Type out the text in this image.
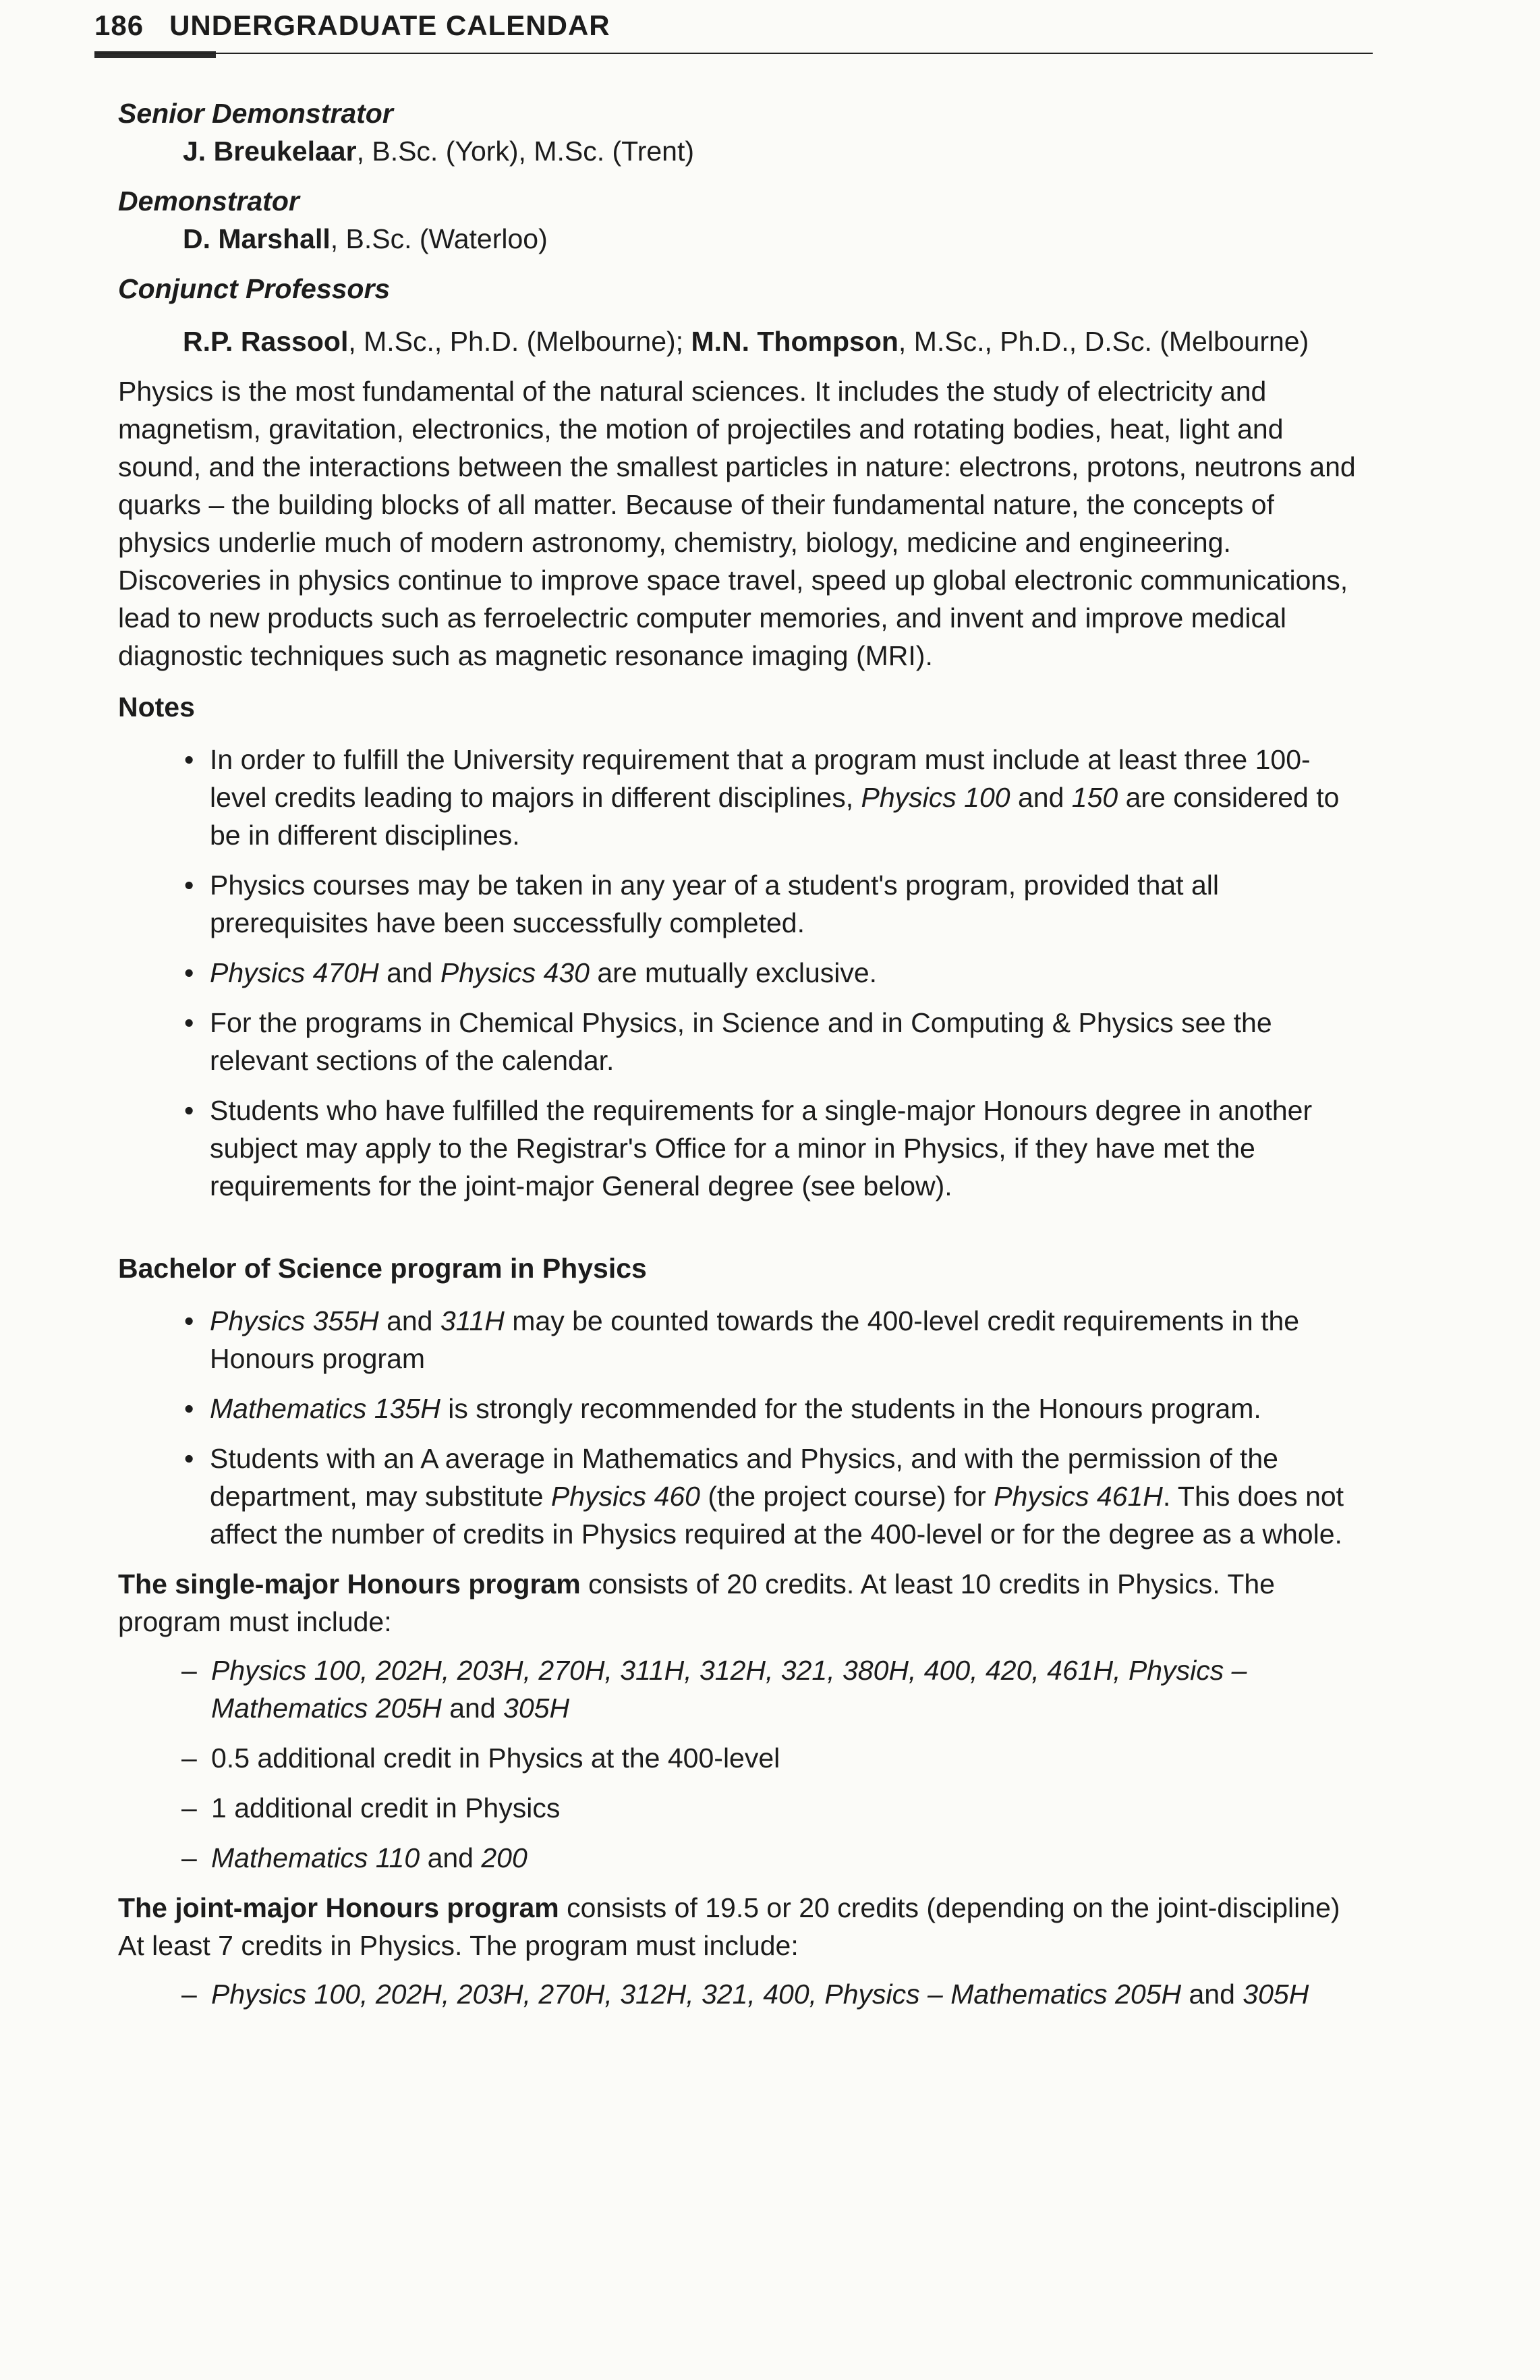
186 UNDERGRADUATE CALENDAR

Senior Demonstrator

J. Breukelaar, B.Sc. (York), M.Sc. (Trent)

Demonstrator

D. Marshall, B.Sc. (Waterloo)

Conjunct Professors

R.P. Rassool, M.Sc., Ph.D. (Melbourne); M.N. Thompson, M.Sc., Ph.D., D.Sc. (Melbourne)

Physics is the most fundamental of the natural sciences. It includes the study of electricity and magnetism, gravitation, electronics, the motion of projectiles and rotating bodies, heat, light and sound, and the interactions between the smallest particles in nature: electrons, protons, neutrons and quarks – the building blocks of all matter. Because of their fundamental nature, the concepts of physics underlie much of modern astronomy, chemistry, biology, medicine and engineering. Discoveries in physics continue to improve space travel, speed up global electronic communications, lead to new products such as ferroelectric computer memories, and invent and improve medical diagnostic techniques such as magnetic resonance imaging (MRI).

Notes

• In order to fulfill the University requirement that a program must include at least three 100-level credits leading to majors in different disciplines, Physics 100 and 150 are considered to be in different disciplines.
• Physics courses may be taken in any year of a student's program, provided that all prerequisites have been successfully completed.
• Physics 470H and Physics 430 are mutually exclusive.
• For the programs in Chemical Physics, in Science and in Computing & Physics see the relevant sections of the calendar.
• Students who have fulfilled the requirements for a single-major Honours degree in another subject may apply to the Registrar's Office for a minor in Physics, if they have met the requirements for the joint-major General degree (see below).

Bachelor of Science program in Physics

• Physics 355H and 311H may be counted towards the 400-level credit requirements in the Honours program
• Mathematics 135H is strongly recommended for the students in the Honours program.
• Students with an A average in Mathematics and Physics, and with the permission of the department, may substitute Physics 460 (the project course) for Physics 461H. This does not affect the number of credits in Physics required at the 400-level or for the degree as a whole.

The single-major Honours program consists of 20 credits. At least 10 credits in Physics. The program must include:

– Physics 100, 202H, 203H, 270H, 311H, 312H, 321, 380H, 400, 420, 461H, Physics – Mathematics 205H and 305H
– 0.5 additional credit in Physics at the 400-level
– 1 additional credit in Physics
– Mathematics 110 and 200

The joint-major Honours program consists of 19.5 or 20 credits (depending on the joint-discipline) At least 7 credits in Physics. The program must include:

– Physics 100, 202H, 203H, 270H, 312H, 321, 400, Physics – Mathematics 205H and 305H
